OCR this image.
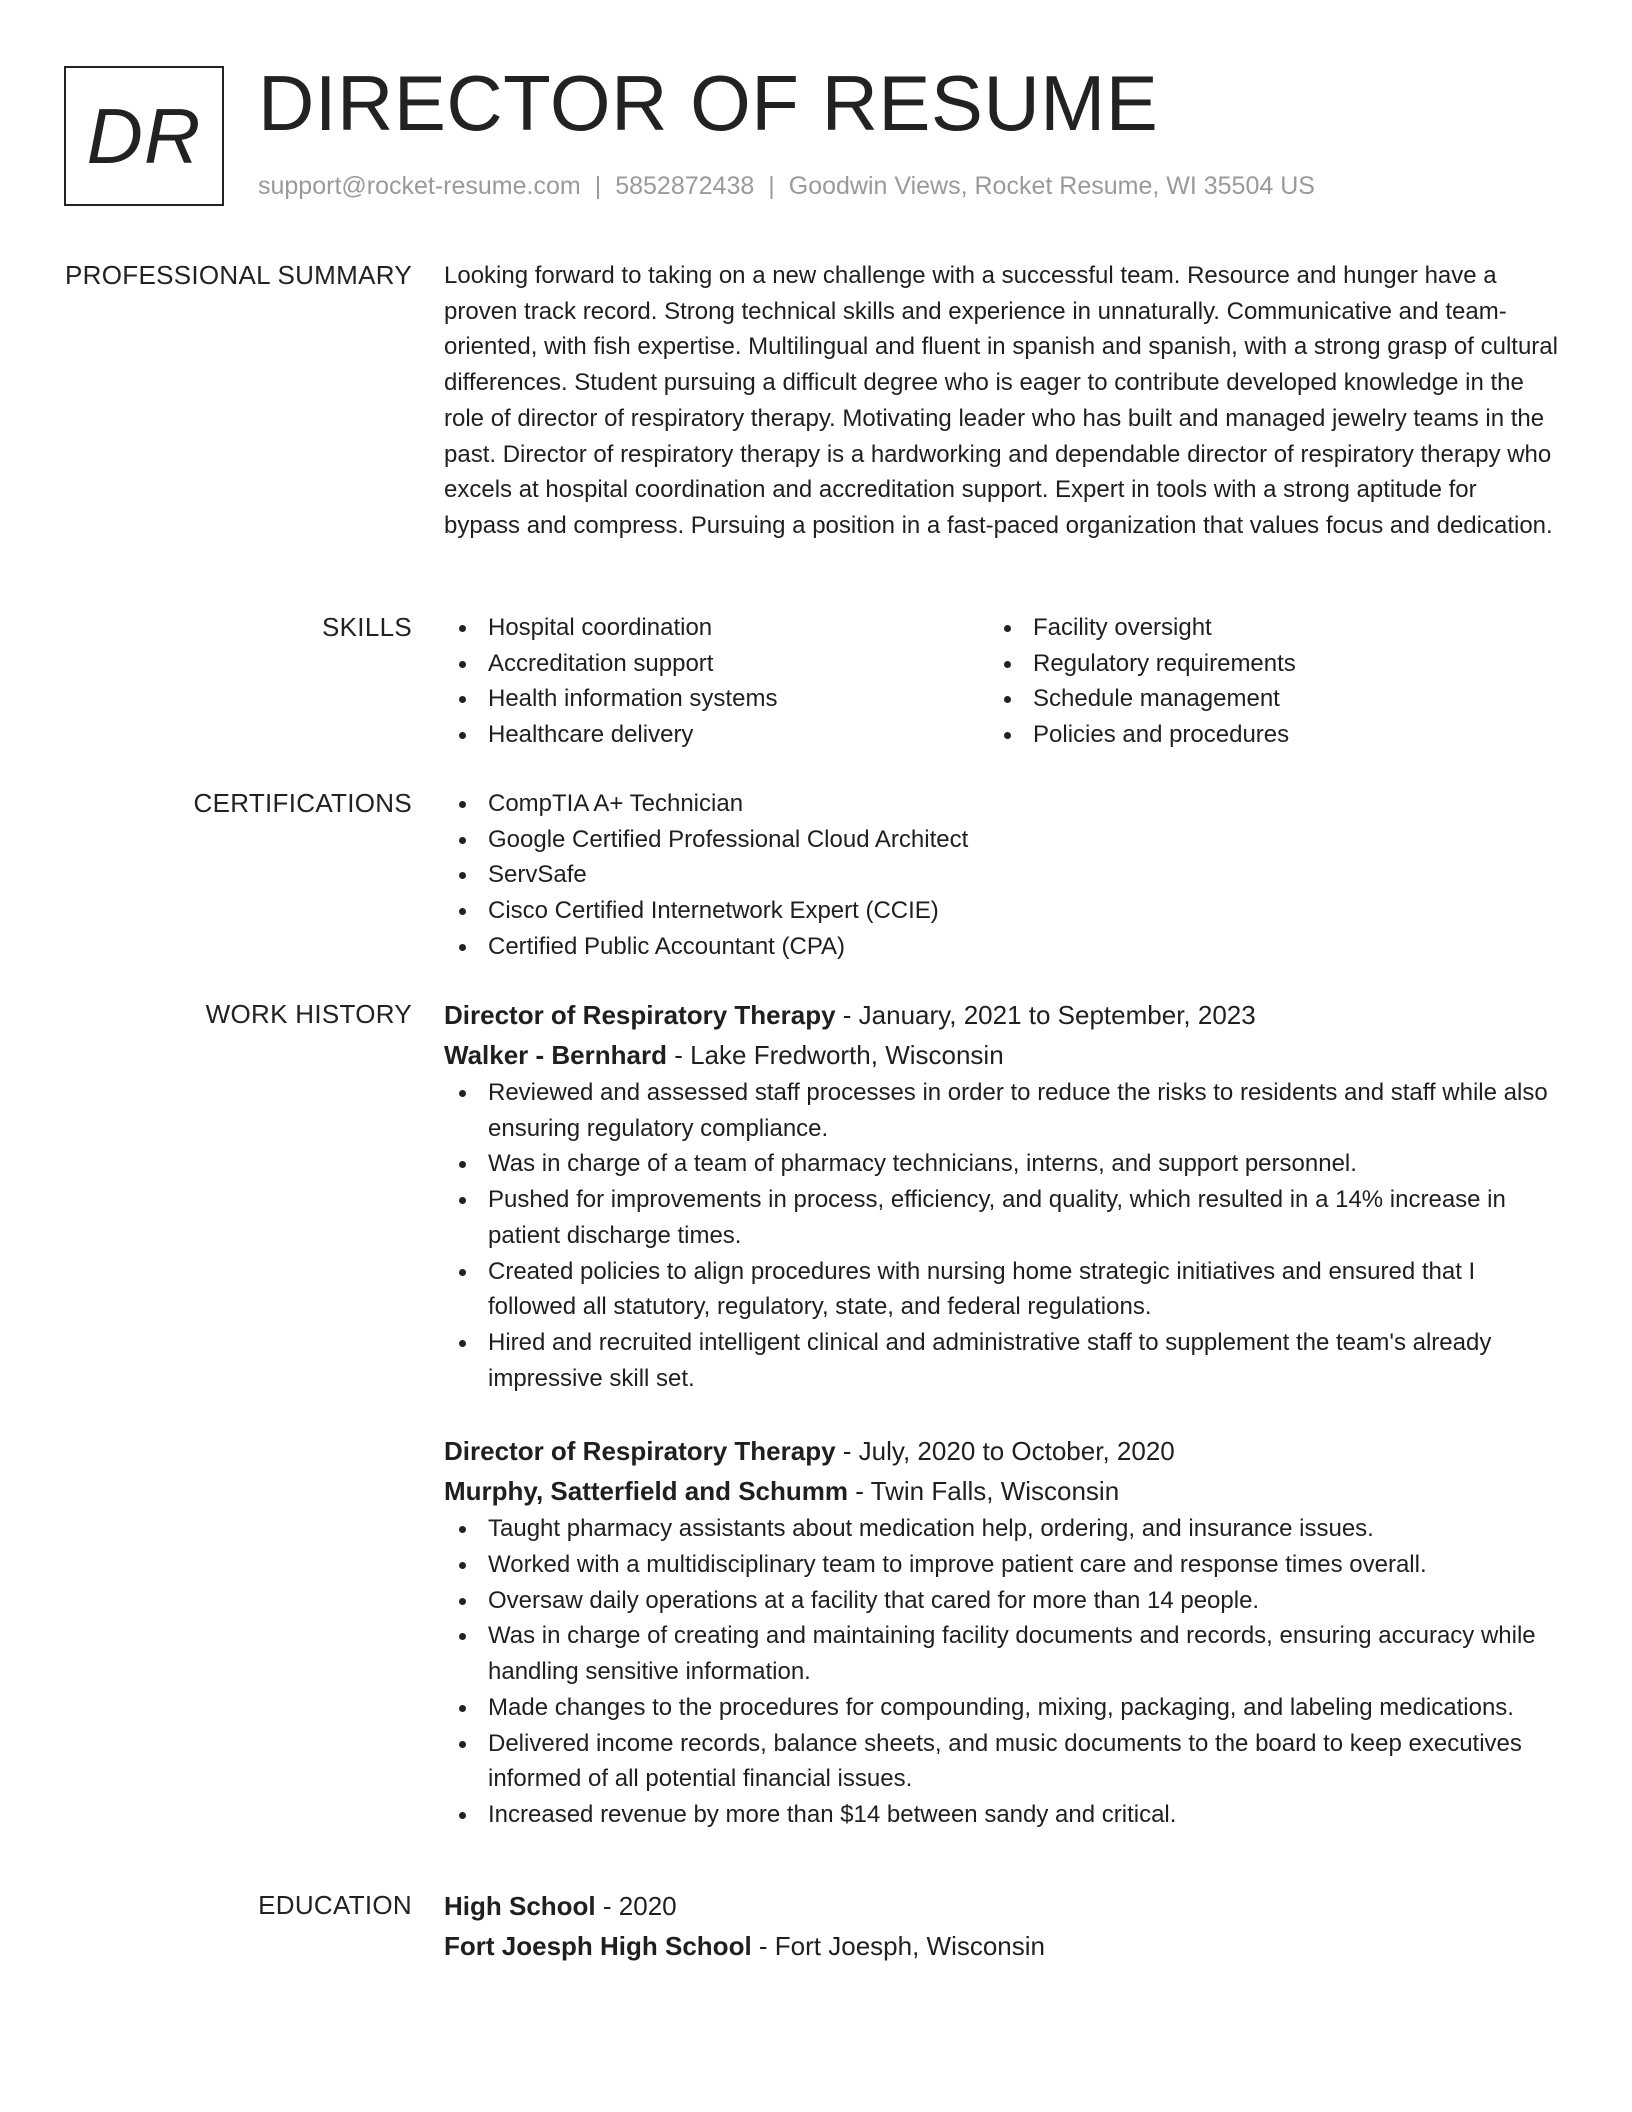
DR DIRECTOR OF RESUME
support@rocket-resume.com | 5852872438 | Goodwin Views, Rocket Resume, WI 35504 US
PROFESSIONAL SUMMARY Looking forward to taking on a new challenge with a successful team. Resource and hunger have a proven track record. Strong technical skills and experience in unnaturally. Communicative and team-oriented, with fish expertise. Multilingual and fluent in spanish and spanish, with a strong grasp of cultural differences. Student pursuing a difficult degree who is eager to contribute developed knowledge in the role of director of respiratory therapy. Motivating leader who has built and managed jewelry teams in the past. Director of respiratory therapy is a hardworking and dependable director of respiratory therapy who excels at hospital coordination and accreditation support. Expert in tools with a strong aptitude for bypass and compress. Pursuing a position in a fast-paced organization that values focus and dedication.

SKILLS	Hospital coordination
Accreditation support
Health information systems
Healthcare delivery
Facility oversight
Regulatory requirements
Schedule management
Policies and procedures
CERTIFICATIONS	CompTIA A+ Technician
Google Certified Professional Cloud Architect
ServSafe
Cisco Certified Internetwork Expert (CCIE)
Certified Public Accountant (CPA)
WORK HISTORY Director of Respiratory Therapy - January, 2021 to September, 2023
Walker - Bernhard - Lake Fredworth, Wisconsin
Reviewed and assessed staff processes in order to reduce the risks to residents and staff while also ensuring regulatory compliance.
Was in charge of a team of pharmacy technicians, interns, and support personnel.
Pushed for improvements in process, efficiency, and quality, which resulted in a 14% increase in patient discharge times.
Created policies to align procedures with nursing home strategic initiatives and ensured that I followed all statutory, regulatory, state, and federal regulations.
Hired and recruited intelligent clinical and administrative staff to supplement the team's already impressive skill set.
Director of Respiratory Therapy - July, 2020 to October, 2020
Murphy, Satterfield and Schumm - Twin Falls, Wisconsin
Taught pharmacy assistants about medication help, ordering, and insurance issues.
Worked with a multidisciplinary team to improve patient care and response times overall.
Oversaw daily operations at a facility that cared for more than 14 people.
Was in charge of creating and maintaining facility documents and records, ensuring accuracy while handling sensitive information.
Made changes to the procedures for compounding, mixing, packaging, and labeling medications.
Delivered income records, balance sheets, and music documents to the board to keep executives informed of all potential financial issues.
Increased revenue by more than $14 between sandy and critical.
EDUCATION High School - 2020
Fort Joesph High School - Fort Joesph, Wisconsin
